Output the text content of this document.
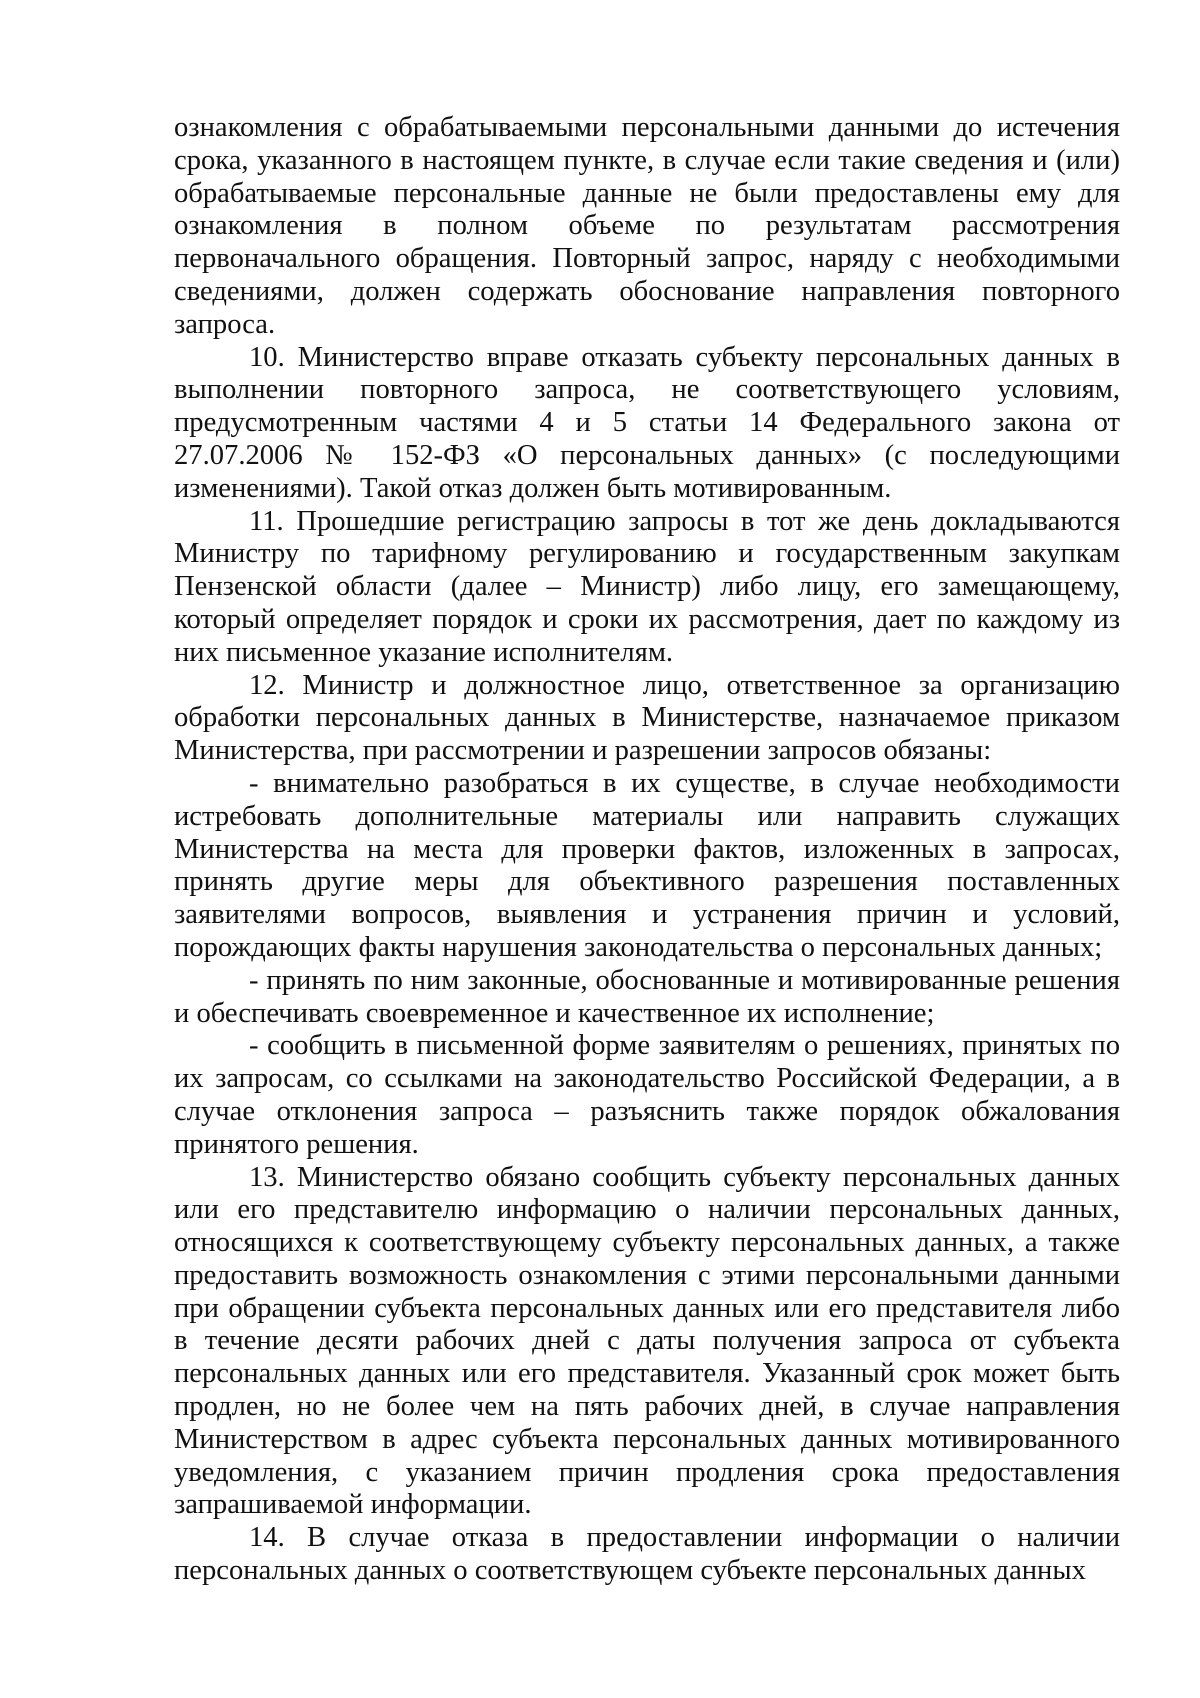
ознакомления с обрабатываемыми персональными данными до истечения срока, указанного в настоящем пункте, в случае если такие сведения и (или) обрабатываемые персональные данные не были предоставлены ему для ознакомления в полном объеме по результатам рассмотрения первоначального обращения. Повторный запрос, наряду с необходимыми сведениями, должен содержать обоснование направления повторного запроса.

10. Министерство вправе отказать субъекту персональных данных в выполнении повторного запроса, не соответствующего условиям, предусмотренным частями 4 и 5 статьи 14 Федерального закона от 27.07.2006 № 152-ФЗ «О персональных данных» (с последующими изменениями). Такой отказ должен быть мотивированным.

11. Прошедшие регистрацию запросы в тот же день докладываются Министру по тарифному регулированию и государственным закупкам Пензенской области (далее – Министр) либо лицу, его замещающему, который определяет порядок и сроки их рассмотрения, дает по каждому из них письменное указание исполнителям.

12. Министр и должностное лицо, ответственное за организацию обработки персональных данных в Министерстве, назначаемое приказом Министерства, при рассмотрении и разрешении запросов обязаны:

- внимательно разобраться в их существе, в случае необходимости истребовать дополнительные материалы или направить служащих Министерства на места для проверки фактов, изложенных в запросах, принять другие меры для объективного разрешения поставленных заявителями вопросов, выявления и устранения причин и условий, порождающих факты нарушения законодательства о персональных данных;

- принять по ним законные, обоснованные и мотивированные решения и обеспечивать своевременное и качественное их исполнение;

- сообщить в письменной форме заявителям о решениях, принятых по их запросам, со ссылками на законодательство Российской Федерации, а в случае отклонения запроса – разъяснить также порядок обжалования принятого решения.

13. Министерство обязано сообщить субъекту персональных данных или его представителю информацию о наличии персональных данных, относящихся к соответствующему субъекту персональных данных, а также предоставить возможность ознакомления с этими персональными данными при обращении субъекта персональных данных или его представителя либо в течение десяти рабочих дней с даты получения запроса от субъекта персональных данных или его представителя. Указанный срок может быть продлен, но не более чем на пять рабочих дней, в случае направления Министерством в адрес субъекта персональных данных мотивированного уведомления, с указанием причин продления срока предоставления запрашиваемой информации.

14. В случае отказа в предоставлении информации о наличии персональных данных о соответствующем субъекте персональных данных
